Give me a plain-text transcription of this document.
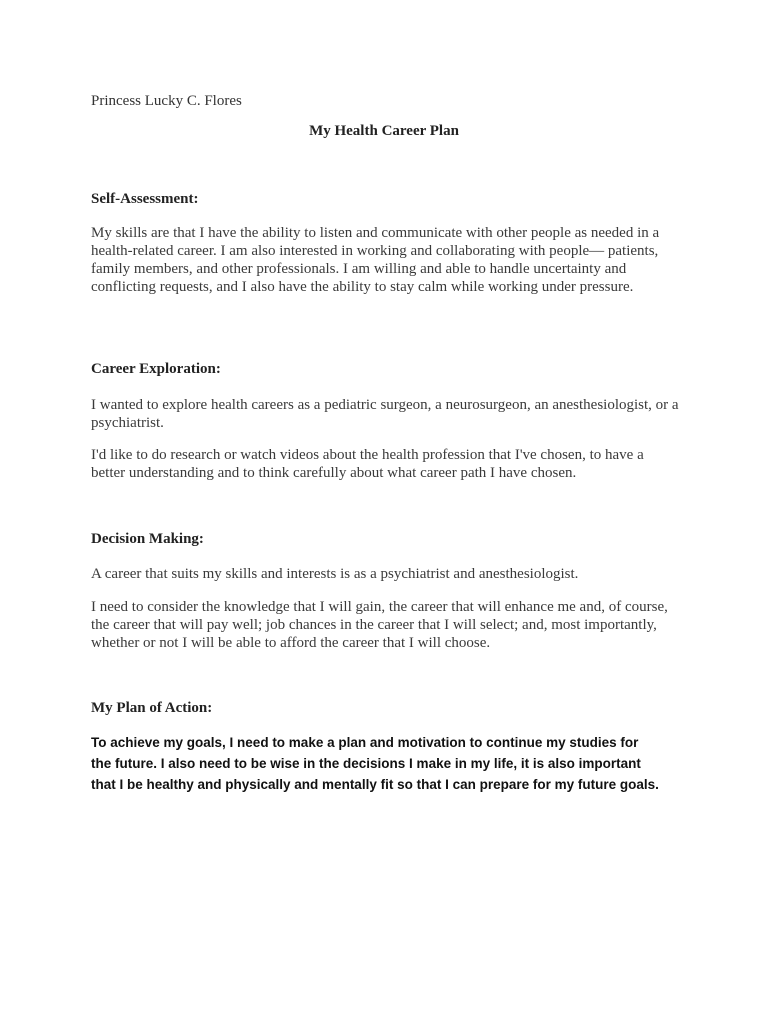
Princess Lucky C. Flores
My Health Career Plan
Self-Assessment:
My skills are that I have the ability to listen and communicate with other people as needed in a health-related career. I am also interested in working and collaborating with people— patients, family members, and other professionals. I am willing and able to handle uncertainty and conflicting requests, and I also have the ability to stay calm while working under pressure.
Career Exploration:
I wanted to explore health careers as a pediatric surgeon, a neurosurgeon, an anesthesiologist, or a psychiatrist.
I'd like to do research or watch videos about the health profession that I've chosen, to have a better understanding and to think carefully about what career path I have chosen.
Decision Making:
A career that suits my skills and interests is as a psychiatrist and anesthesiologist.
I need to consider the knowledge that I will gain, the career that will enhance me and, of course, the career that will pay well; job chances in the career that I will select; and, most importantly, whether or not I will be able to afford the career that I will choose.
My Plan of Action:
To achieve my goals, I need to make a plan and motivation to continue my studies for the future. I also need to be wise in the decisions I make in my life, it is also important that I be healthy and physically and mentally fit so that I can prepare for my future goals.
